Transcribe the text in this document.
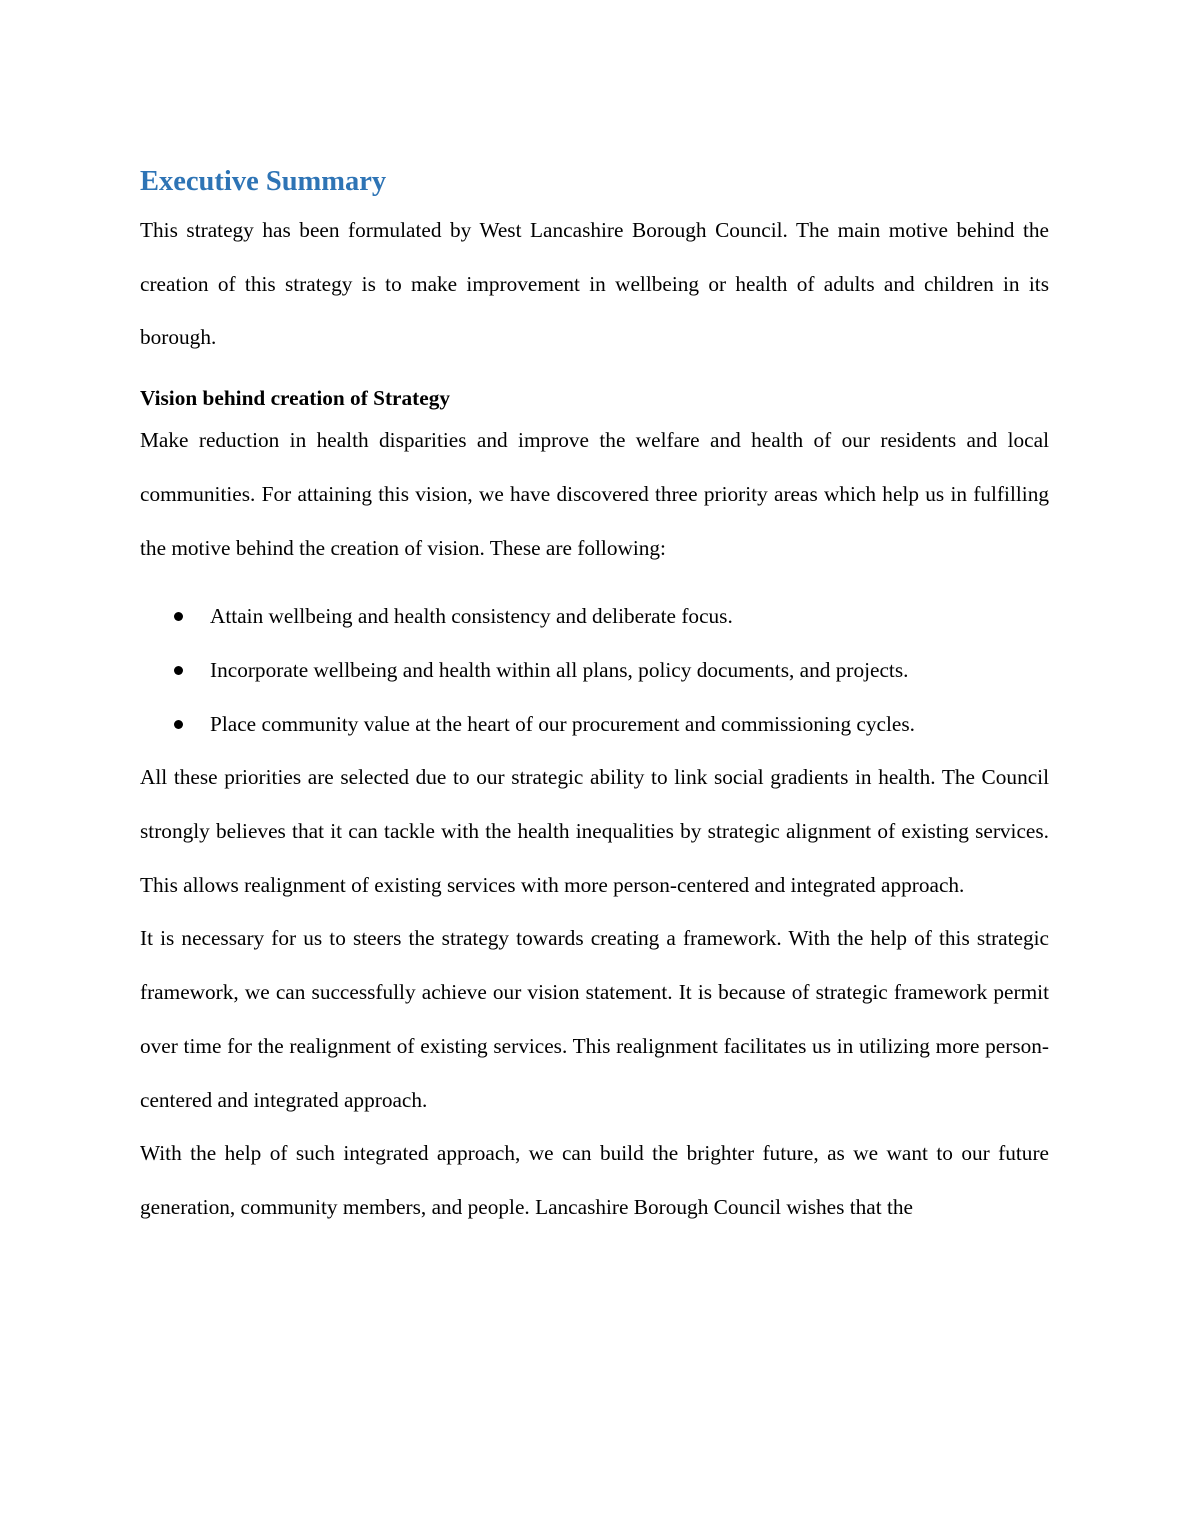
Executive Summary

This strategy has been formulated by West Lancashire Borough Council. The main motive behind the creation of this strategy is to make improvement in wellbeing or health of adults and children in its borough.

Vision behind creation of Strategy

Make reduction in health disparities and improve the welfare and health of our residents and local communities. For attaining this vision, we have discovered three priority areas which help us in fulfilling the motive behind the creation of vision. These are following:

Attain wellbeing and health consistency and deliberate focus.
Incorporate wellbeing and health within all plans, policy documents, and projects.
Place community value at the heart of our procurement and commissioning cycles.

All these priorities are selected due to our strategic ability to link social gradients in health. The Council strongly believes that it can tackle with the health inequalities by strategic alignment of existing services. This allows realignment of existing services with more person-centered and integrated approach.

It is necessary for us to steers the strategy towards creating a framework. With the help of this strategic framework, we can successfully achieve our vision statement. It is because of strategic framework permit over time for the realignment of existing services. This realignment facilitates us in utilizing more person-centered and integrated approach.

With the help of such integrated approach, we can build the brighter future, as we want to our future generation, community members, and people. Lancashire Borough Council wishes that the
